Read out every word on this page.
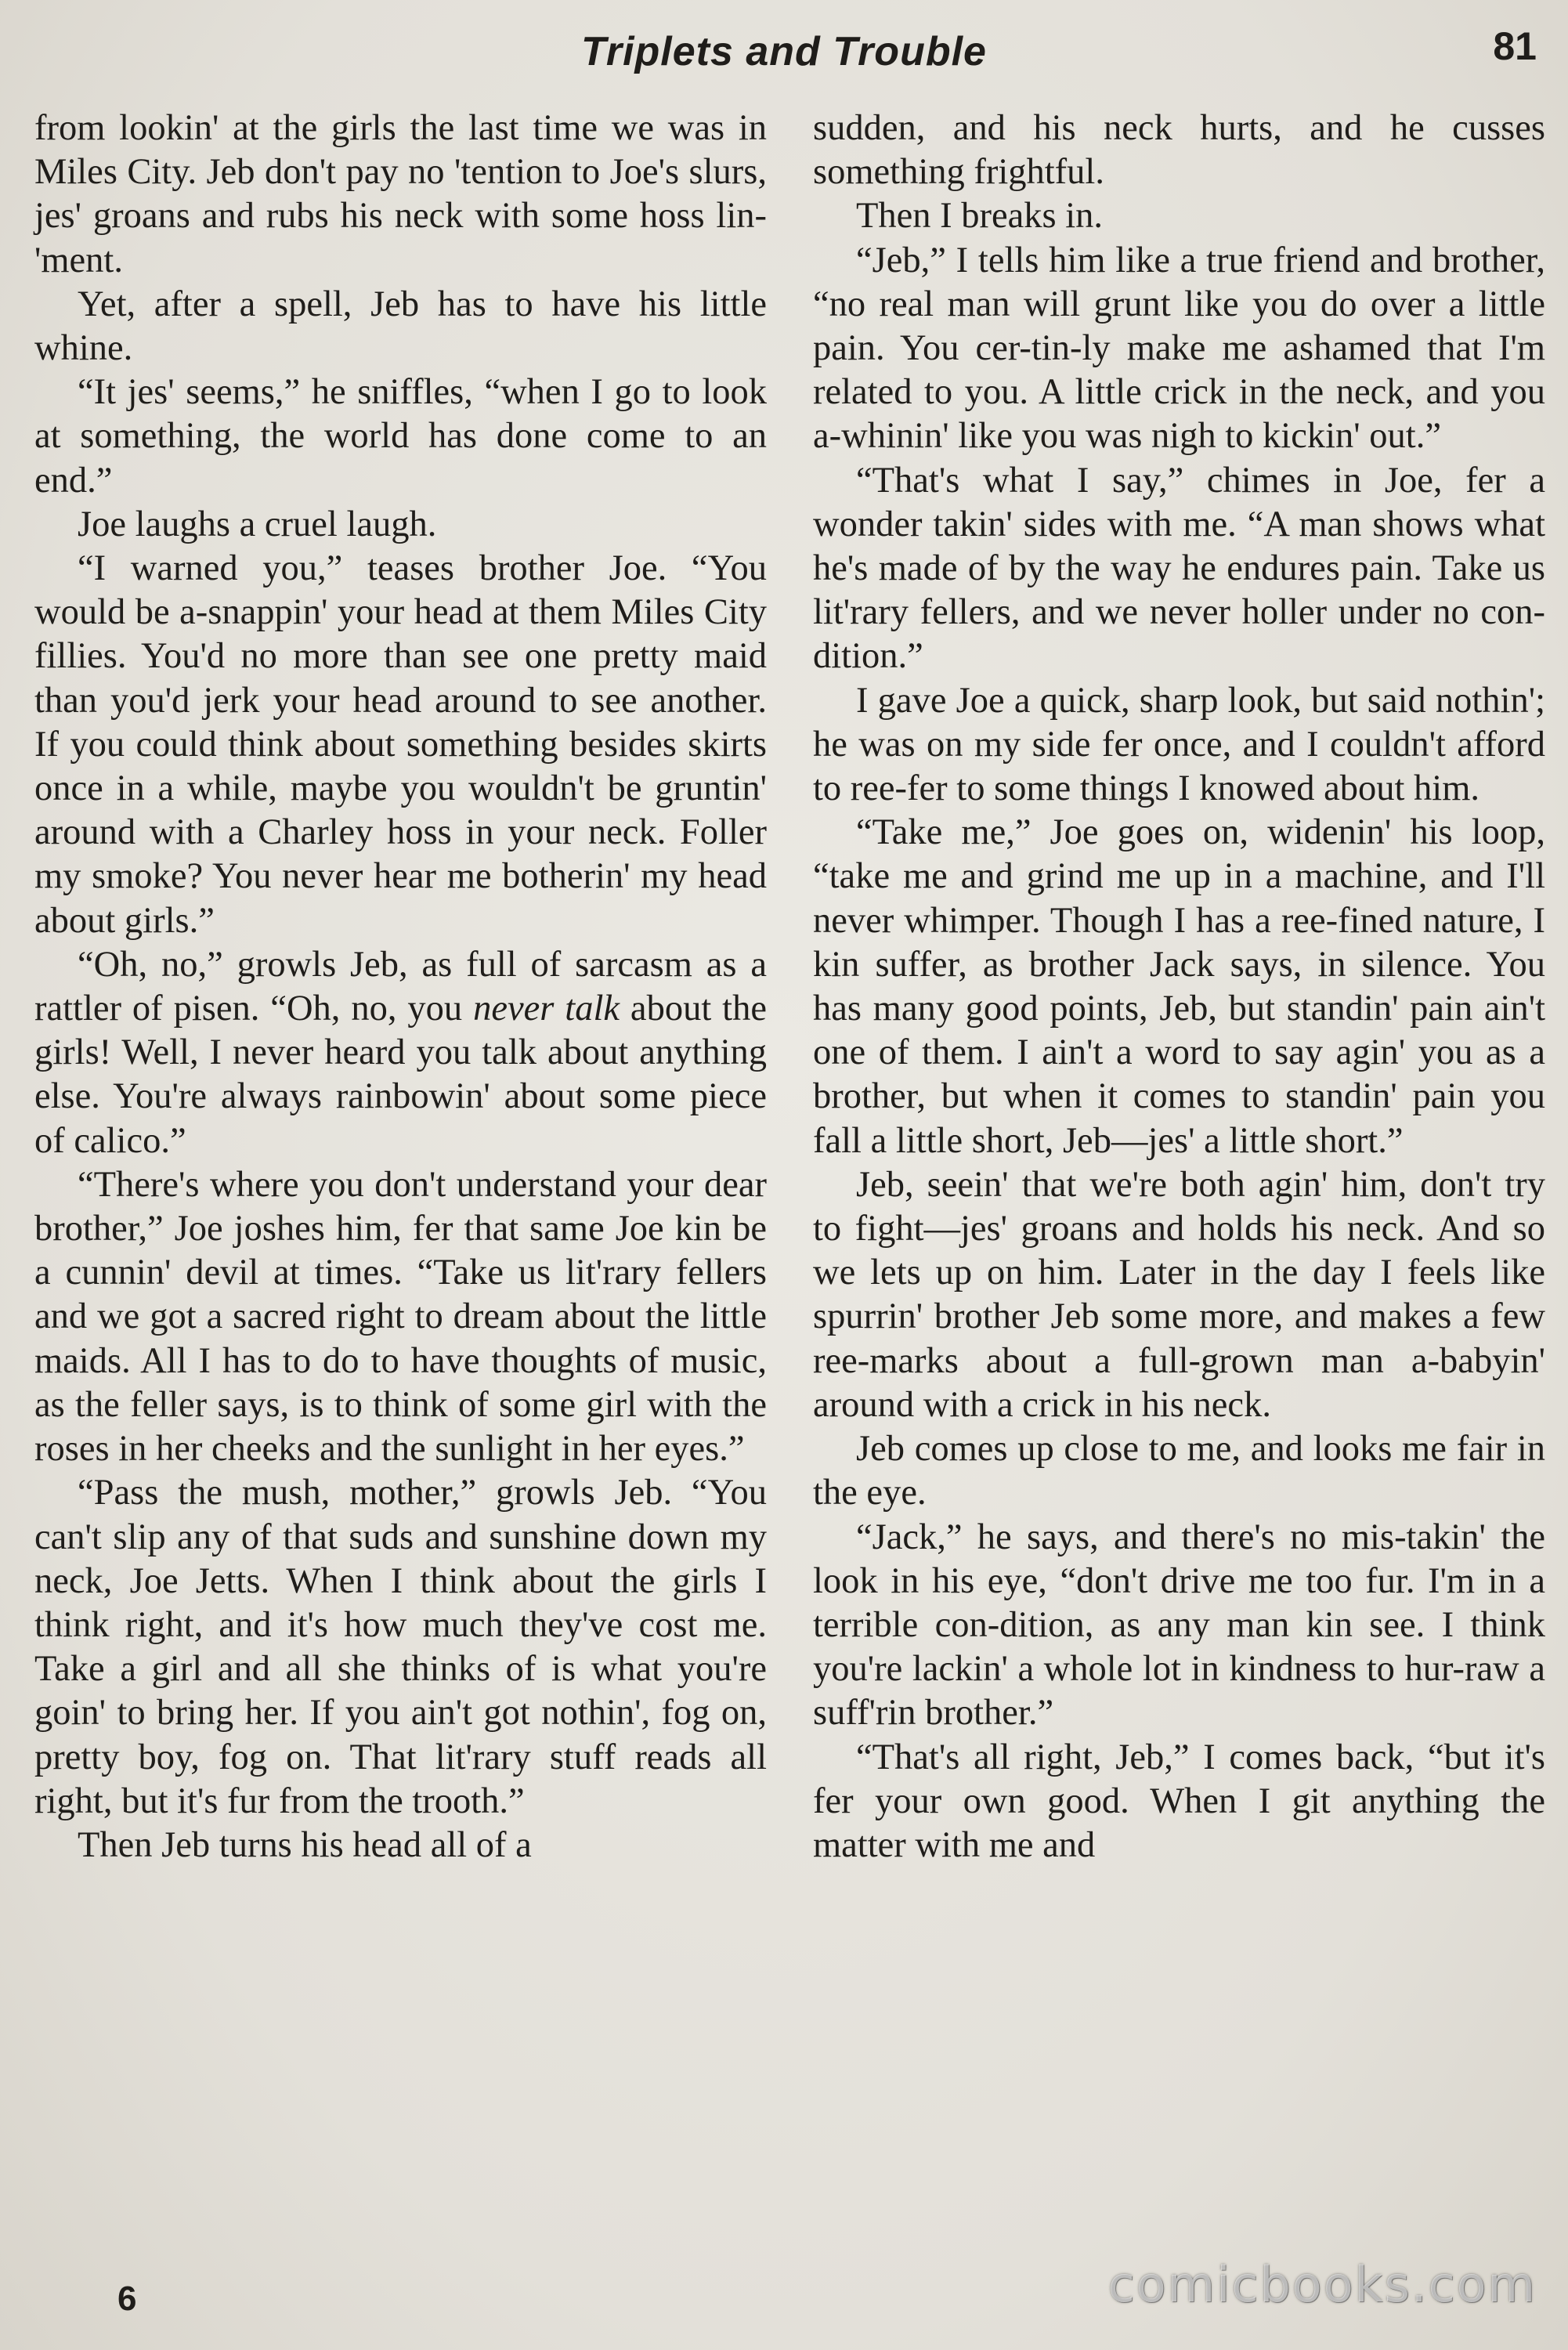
Triplets and Trouble	81

from lookin' at the girls the last time we was in Miles City. Jeb don't pay no 'tention to Joe's slurs, jes' groans and rubs his neck with some hoss lin-'ment.

Yet, after a spell, Jeb has to have his little whine.

“It jes' seems,” he sniffles, “when I go to look at something, the world has done come to an end.”

Joe laughs a cruel laugh.

“I warned you,” teases brother Joe. “You would be a-snappin' your head at them Miles City fillies. You'd no more than see one pretty maid than you'd jerk your head around to see another. If you could think about something besides skirts once in a while, maybe you wouldn't be gruntin' around with a Charley hoss in your neck. Foller my smoke? You never hear me botherin' my head about girls.”

“Oh, no,” growls Jeb, as full of sarcasm as a rattler of pisen. “Oh, no, you never talk about the girls! Well, I never heard you talk about anything else. You're always rainbowin' about some piece of calico.”

“There's where you don't understand your dear brother,” Joe joshes him, fer that same Joe kin be a cunnin' devil at times. “Take us lit'rary fellers and we got a sacred right to dream about the little maids. All I has to do to have thoughts of music, as the feller says, is to think of some girl with the roses in her cheeks and the sunlight in her eyes.”

“Pass the mush, mother,” growls Jeb. “You can't slip any of that suds and sunshine down my neck, Joe Jetts. When I think about the girls I think right, and it's how much they've cost me. Take a girl and all she thinks of is what you're goin' to bring her. If you ain't got nothin', fog on, pretty boy, fog on. That lit'rary stuff reads all right, but it's fur from the trooth.”

Then Jeb turns his head all of a

sudden, and his neck hurts, and he cusses something frightful.

Then I breaks in.

“Jeb,” I tells him like a true friend and brother, “no real man will grunt like you do over a little pain. You cer-tin-ly make me ashamed that I'm related to you. A little crick in the neck, and you a-whinin' like you was nigh to kickin' out.”

“That's what I say,” chimes in Joe, fer a wonder takin' sides with me. “A man shows what he's made of by the way he endures pain. Take us lit'rary fellers, and we never holler under no con-dition.”

I gave Joe a quick, sharp look, but said nothin'; he was on my side fer once, and I couldn't afford to ree-fer to some things I knowed about him.

“Take me,” Joe goes on, widenin' his loop, “take me and grind me up in a machine, and I'll never whimper. Though I has a ree-fined nature, I kin suffer, as brother Jack says, in silence. You has many good points, Jeb, but standin' pain ain't one of them. I ain't a word to say agin' you as a brother, but when it comes to standin' pain you fall a little short, Jeb—jes' a little short.”

Jeb, seein' that we're both agin' him, don't try to fight—jes' groans and holds his neck. And so we lets up on him. Later in the day I feels like spurrin' brother Jeb some more, and makes a few ree-marks about a full-grown man a-babyin' around with a crick in his neck.

Jeb comes up close to me, and looks me fair in the eye.

“Jack,” he says, and there's no mis-takin' the look in his eye, “don't drive me too fur. I'm in a terrible con-dition, as any man kin see. I think you're lackin' a whole lot in kindness to hur-raw a suff'rin brother.”

“That's all right, Jeb,” I comes back, “but it's fer your own good. When I git anything the matter with me and

6	comicbooks.com
